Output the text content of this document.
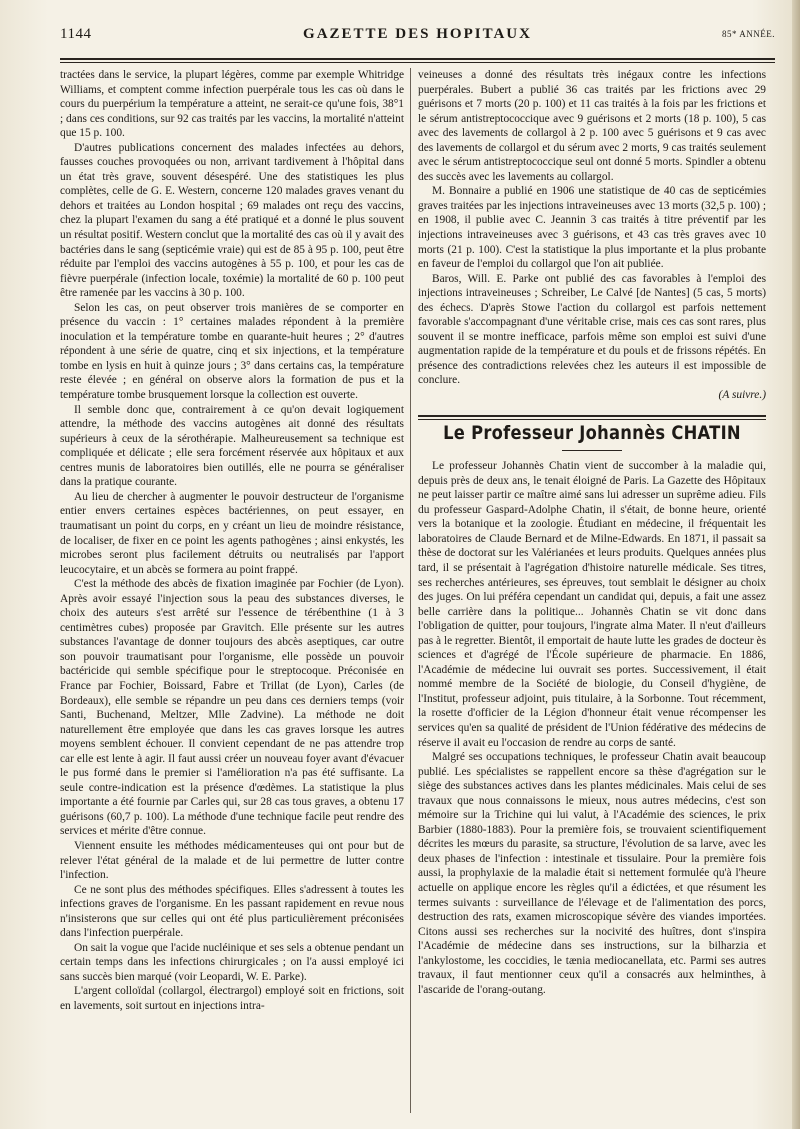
1144	GAZETTE DES HOPITAUX	85* ANNÉE.

tractées dans le service, la plupart légères, comme par exemple Whitridge Williams, et comptent comme infection puerpérale tous les cas où dans le cours du puerpérium la température a atteint, ne serait-ce qu'une fois, 38°1 ; dans ces conditions, sur 92 cas traités par les vaccins, la mortalité n'atteint que 15 p. 100.

D'autres publications concernent des malades infectées au dehors, fausses couches provoquées ou non, arrivant tardivement à l'hôpital dans un état très grave, souvent désespéré. Une des statistiques les plus complètes, celle de G. E. Western, concerne 120 malades graves venant du dehors et traitées au London hospital ; 69 malades ont reçu des vaccins, chez la plupart l'examen du sang a été pratiqué et a donné le plus souvent un résultat positif. Western conclut que la mortalité des cas où il y avait des bactéries dans le sang (septicémie vraie) qui est de 85 à 95 p. 100, peut être réduite par l'emploi des vaccins autogènes à 55 p. 100, et pour les cas de fièvre puerpérale (infection locale, toxémie) la mortalité de 60 p. 100 peut être ramenée par les vaccins à 30 p. 100.

Selon les cas, on peut observer trois manières de se comporter en présence du vaccin : 1° certaines malades répondent à la première inoculation et la température tombe en quarante-huit heures ; 2° d'autres répondent à une série de quatre, cinq et six injections, et la température tombe en lysis en huit à quinze jours ; 3° dans certains cas, la température reste élevée ; en général on observe alors la formation de pus et la température tombe brusquement lorsque la collection est ouverte.

Il semble donc que, contrairement à ce qu'on devait logiquement attendre, la méthode des vaccins autogènes ait donné des résultats supérieurs à ceux de la sérothérapie. Malheureusement sa technique est compliquée et délicate ; elle sera forcément réservée aux hôpitaux et aux centres munis de laboratoires bien outillés, elle ne pourra se généraliser dans la pratique courante.

Au lieu de chercher à augmenter le pouvoir destructeur de l'organisme entier envers certaines espèces bactériennes, on peut essayer, en traumatisant un point du corps, en y créant un lieu de moindre résistance, de localiser, de fixer en ce point les agents pathogènes ; ainsi enkystés, les microbes seront plus facilement détruits ou neutralisés par l'apport leucocytaire, et un abcès se formera au point frappé.

C'est la méthode des abcès de fixation imaginée par Fochier (de Lyon). Après avoir essayé l'injection sous la peau des substances diverses, le choix des auteurs s'est arrêté sur l'essence de térébenthine (1 à 3 centimètres cubes) proposée par Gravitch. Elle présente sur les autres substances l'avantage de donner toujours des abcès aseptiques, car outre son pouvoir traumatisant pour l'organisme, elle possède un pouvoir bactéricide qui semble spécifique pour le streptocoque. Préconisée en France par Fochier, Boissard, Fabre et Trillat (de Lyon), Carles (de Bordeaux), elle semble se répandre un peu dans ces derniers temps (voir Santi, Buchenand, Meltzer, Mlle Zadvine). La méthode ne doit naturellement être employée que dans les cas graves lorsque les autres moyens semblent échouer. Il convient cependant de ne pas attendre trop car elle est lente à agir. Il faut aussi créer un nouveau foyer avant d'évacuer le pus formé dans le premier si l'amélioration n'a pas été suffisante. La seule contre-indication est la présence d'œdèmes. La statistique la plus importante a été fournie par Carles qui, sur 28 cas tous graves, a obtenu 17 guérisons (60,7 p. 100). La méthode d'une technique facile peut rendre des services et mérite d'être connue.

Viennent ensuite les méthodes médicamenteuses qui ont pour but de relever l'état général de la malade et de lui permettre de lutter contre l'infection.

Ce ne sont plus des méthodes spécifiques. Elles s'adressent à toutes les infections graves de l'organisme. En les passant rapidement en revue nous n'insisterons que sur celles qui ont été plus particulièrement préconisées dans l'infection puerpérale.

On sait la vogue que l'acide nucléinique et ses sels a obtenue pendant un certain temps dans les infections chirurgicales ; on l'a aussi employé ici sans succès bien marqué (voir Leopardi, W. E. Parke).

L'argent colloïdal (collargol, électrargol) employé soit en frictions, soit en lavements, soit surtout en injections intra-

veineuses a donné des résultats très inégaux contre les infections puerpérales. Bubert a publié 36 cas traités par les frictions avec 29 guérisons et 7 morts (20 p. 100) et 11 cas traités à la fois par les frictions et le sérum antistreptococcique avec 9 guérisons et 2 morts (18 p. 100), 5 cas avec des lavements de collargol à 2 p. 100 avec 5 guérisons et 9 cas avec des lavements de collargol et du sérum avec 2 morts, 9 cas traités seulement avec le sérum antistreptococcique seul ont donné 5 morts. Spindler a obtenu des succès avec les lavements au collargol.

M. Bonnaire a publié en 1906 une statistique de 40 cas de septicémies graves traitées par les injections intraveineuses avec 13 morts (32,5 p. 100) ; en 1908, il publie avec C. Jeannin 3 cas traités à titre préventif par les injections intraveineuses avec 3 guérisons, et 43 cas très graves avec 10 morts (21 p. 100). C'est la statistique la plus importante et la plus probante en faveur de l'emploi du collargol que l'on ait publiée.

Baros, Will. E. Parke ont publié des cas favorables à l'emploi des injections intraveineuses ; Schreiber, Le Calvé [de Nantes] (5 cas, 5 morts) des échecs. D'après Stowe l'action du collargol est parfois nettement favorable s'accompagnant d'une véritable crise, mais ces cas sont rares, plus souvent il se montre inefficace, parfois même son emploi est suivi d'une augmentation rapide de la température et du pouls et de frissons répétés. En présence des contradictions relevées chez les auteurs il est impossible de conclure.

(A suivre.)

Le Professeur Johannès CHATIN

Le professeur Johannès Chatin vient de succomber à la maladie qui, depuis près de deux ans, le tenait éloigné de Paris. La Gazette des Hôpitaux ne peut laisser partir ce maître aimé sans lui adresser un suprême adieu. Fils du professeur Gaspard-Adolphe Chatin, il s'était, de bonne heure, orienté vers la botanique et la zoologie. Étudiant en médecine, il fréquentait les laboratoires de Claude Bernard et de Milne-Edwards. En 1871, il passait sa thèse de doctorat sur les Valérianées et leurs produits. Quelques années plus tard, il se présentait à l'agrégation d'histoire naturelle médicale. Ses titres, ses recherches antérieures, ses épreuves, tout semblait le désigner au choix des juges. On lui préféra cependant un candidat qui, depuis, a fait une assez belle carrière dans la politique... Johannès Chatin se vit donc dans l'obligation de quitter, pour toujours, l'ingrate alma Mater. Il n'eut d'ailleurs pas à le regretter. Bientôt, il emportait de haute lutte les grades de docteur ès sciences et d'agrégé de l'École supérieure de pharmacie. En 1886, l'Académie de médecine lui ouvrait ses portes. Successivement, il était nommé membre de la Société de biologie, du Conseil d'hygiène, de l'Institut, professeur adjoint, puis titulaire, à la Sorbonne. Tout récemment, la rosette d'officier de la Légion d'honneur était venue récompenser les services qu'en sa qualité de président de l'Union fédérative des médecins de réserve il avait eu l'occasion de rendre au corps de santé.

Malgré ses occupations techniques, le professeur Chatin avait beaucoup publié. Les spécialistes se rappellent encore sa thèse d'agrégation sur le siège des substances actives dans les plantes médicinales. Mais celui de ses travaux que nous connaissons le mieux, nous autres médecins, c'est son mémoire sur la Trichine qui lui valut, à l'Académie des sciences, le prix Barbier (1880-1883). Pour la première fois, se trouvaient scientifiquement décrites les mœurs du parasite, sa structure, l'évolution de sa larve, avec les deux phases de l'infection : intestinale et tissulaire. Pour la première fois aussi, la prophylaxie de la maladie était si nettement formulée qu'à l'heure actuelle on applique encore les règles qu'il a édictées, et que résument les termes suivants : surveillance de l'élevage et de l'alimentation des porcs, destruction des rats, examen microscopique sévère des viandes importées. Citons aussi ses recherches sur la nocivité des huîtres, dont s'inspira l'Académie de médecine dans ses instructions, sur la bilharzia et l'ankylostome, les coccidies, le tænia mediocanellata, etc. Parmi ses autres travaux, il faut mentionner ceux qu'il a consacrés aux helminthes, à l'ascaride de l'orang-outang.
